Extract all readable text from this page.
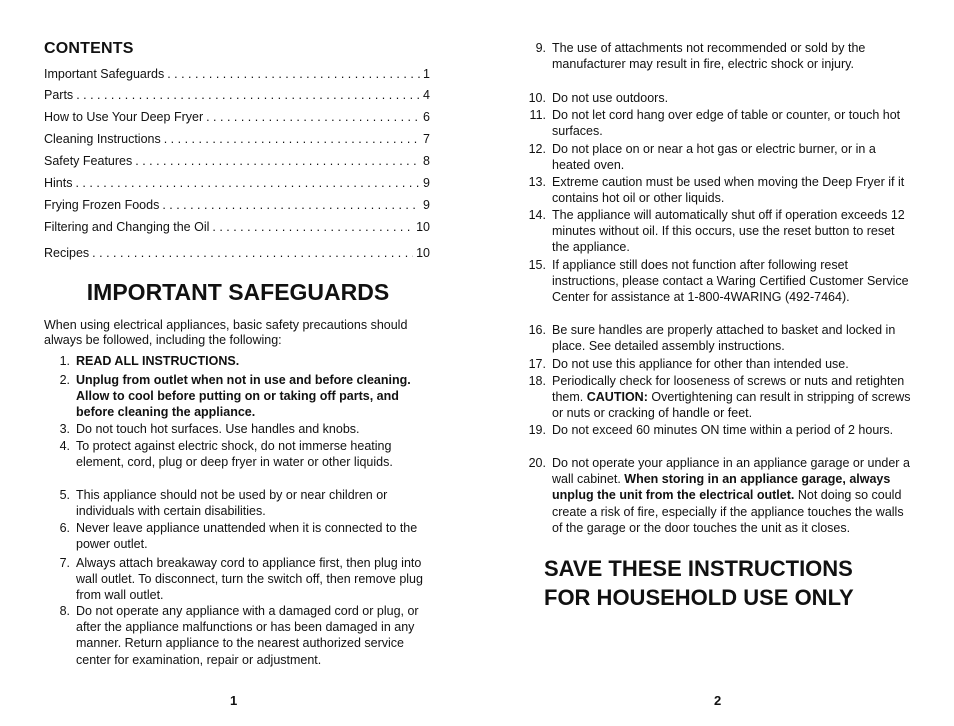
CONTENTS
Important Safeguards . . .	1
Parts . . .	4
How to Use Your Deep Fryer . . .	6
Cleaning Instructions . . .	7
Safety Features . . .	8
Hints . . .	9
Frying Frozen Foods . . .	9
Filtering and Changing the Oil . . .	10
Recipes . . .	10
IMPORTANT SAFEGUARDS
When using electrical appliances, basic safety precautions should always be followed, including the following:
1. READ ALL INSTRUCTIONS.
2. Unplug from outlet when not in use and before cleaning. Allow to cool before putting on or taking off parts, and before cleaning the appliance.
3. Do not touch hot surfaces. Use handles and knobs.
4. To protect against electric shock, do not immerse heating element, cord, plug or deep fryer in water or other liquids.
5. This appliance should not be used by or near children or individuals with certain disabilities.
6. Never leave appliance unattended when it is connected to the power outlet.
7. Always attach breakaway cord to appliance first, then plug into wall outlet. To disconnect, turn the switch off, then remove plug from wall outlet.
8. Do not operate any appliance with a damaged cord or plug, or after the appliance malfunctions or has been damaged in any manner. Return appliance to the nearest authorized service center for examination, repair or adjustment.
1
9. The use of attachments not recommended or sold by the manufacturer may result in fire, electric shock or injury.
10. Do not use outdoors.
11. Do not let cord hang over edge of table or counter, or touch hot surfaces.
12. Do not place on or near a hot gas or electric burner, or in a heated oven.
13. Extreme caution must be used when moving the Deep Fryer if it contains hot oil or other liquids.
14. The appliance will automatically shut off if operation exceeds 12 minutes without oil. If this occurs, use the reset button to reset the appliance.
15. If appliance still does not function after following reset instructions, please contact a Waring Certified Customer Service Center for assistance at 1-800-4WARING (492-7464).
16. Be sure handles are properly attached to basket and locked in place. See detailed assembly instructions.
17. Do not use this appliance for other than intended use.
18. Periodically check for looseness of screws or nuts and retighten them. CAUTION: Overtightening can result in stripping of screws or nuts or cracking of handle or feet.
19. Do not exceed 60 minutes ON time within a period of 2 hours.
20. Do not operate your appliance in an appliance garage or under a wall cabinet. When storing in an appliance garage, always unplug the unit from the electrical outlet. Not doing so could create a risk of fire, especially if the appliance touches the walls of the garage or the door touches the unit as it closes.
SAVE THESE INSTRUCTIONS
FOR HOUSEHOLD USE ONLY
2
